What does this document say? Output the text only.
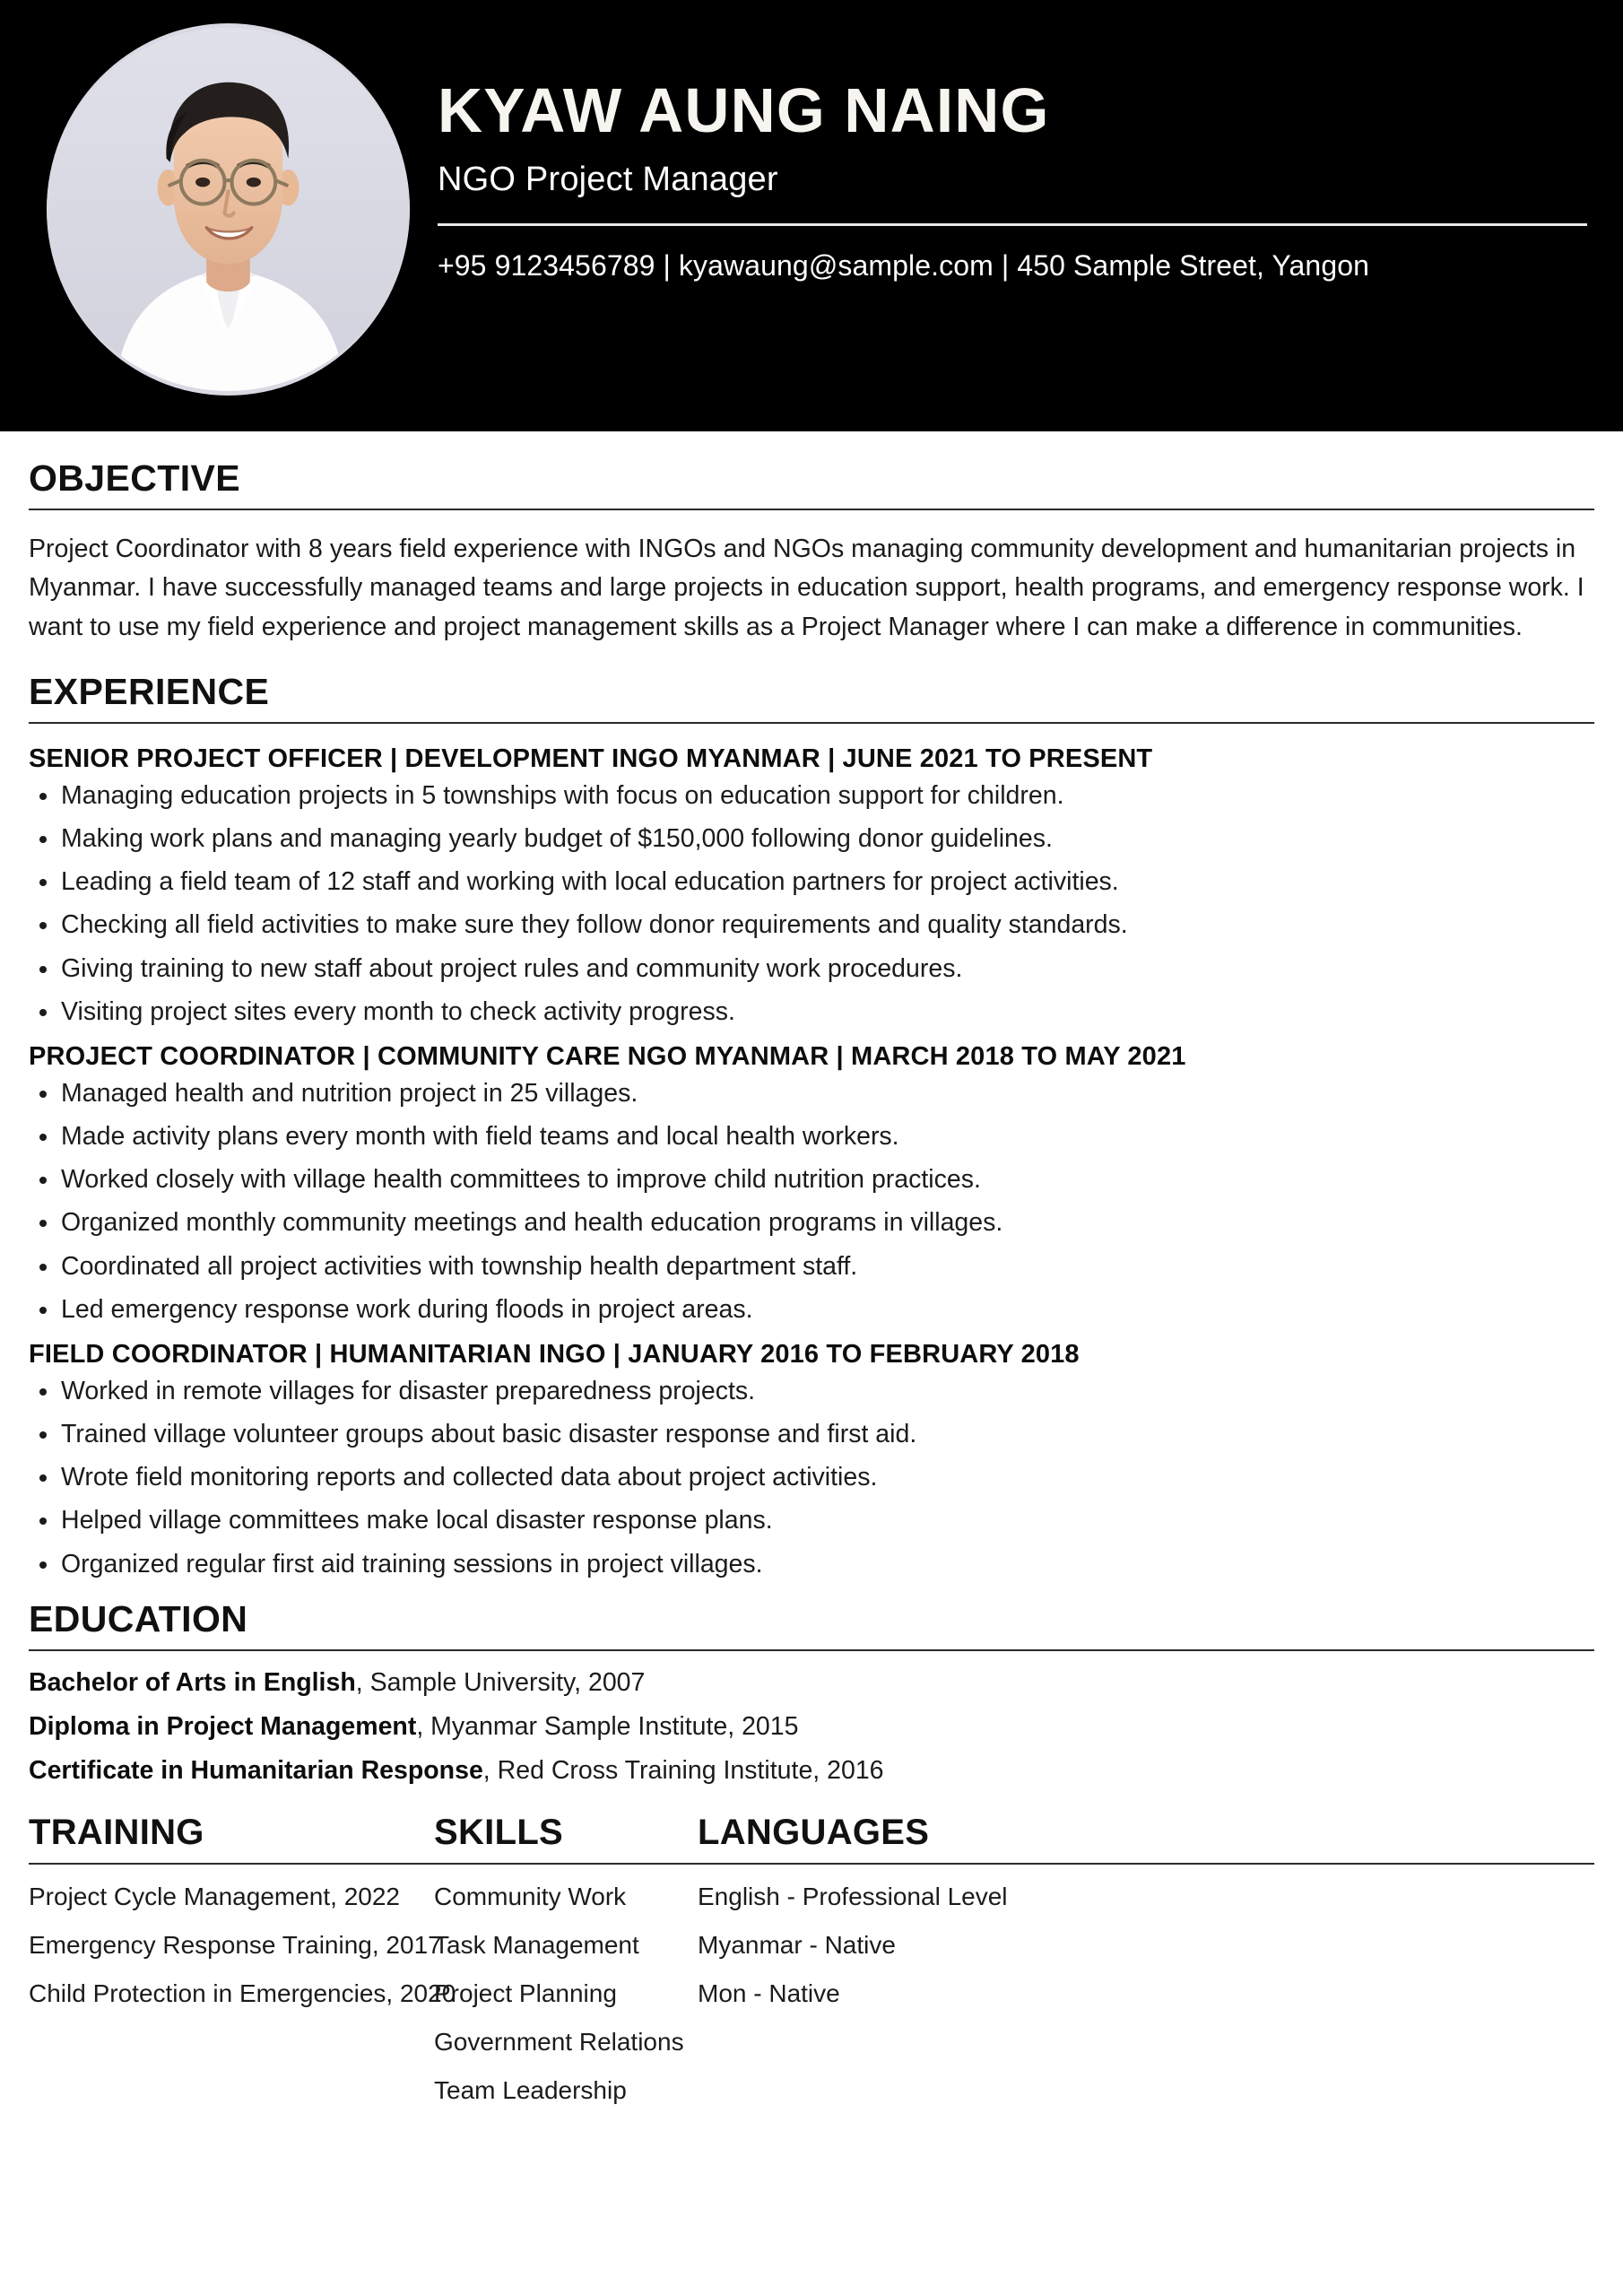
KYAW AUNG NAING
NGO Project Manager
+95 9123456789 | kyawaung@sample.com | 450 Sample Street, Yangon
OBJECTIVE

Project Coordinator with 8 years field experience with INGOs and NGOs managing community development and humanitarian projects in Myanmar. I have successfully managed teams and large projects in education support, health programs, and emergency response work. I want to use my field experience and project management skills as a Project Manager where I can make a difference in communities.

EXPERIENCE
SENIOR PROJECT OFFICER | DEVELOPMENT INGO MYANMAR | JUNE 2021 TO PRESENT
Managing education projects in 5 townships with focus on education support for children.
Making work plans and managing yearly budget of $150,000 following donor guidelines.
Leading a field team of 12 staff and working with local education partners for project activities.
Checking all field activities to make sure they follow donor requirements and quality standards.
Giving training to new staff about project rules and community work procedures.
Visiting project sites every month to check activity progress.
PROJECT COORDINATOR | COMMUNITY CARE NGO MYANMAR | MARCH 2018 TO MAY 2021
Managed health and nutrition project in 25 villages.
Made activity plans every month with field teams and local health workers.
Worked closely with village health committees to improve child nutrition practices.
Organized monthly community meetings and health education programs in villages.
Coordinated all project activities with township health department staff.
Led emergency response work during floods in project areas.
FIELD COORDINATOR | HUMANITARIAN INGO | JANUARY 2016 TO FEBRUARY 2018
Worked in remote villages for disaster preparedness projects.
Trained village volunteer groups about basic disaster response and first aid.
Wrote field monitoring reports and collected data about project activities.
Helped village committees make local disaster response plans.
Organized regular first aid training sessions in project villages.
EDUCATION
Bachelor of Arts in English, Sample University, 2007
Diploma in Project Management, Myanmar Sample Institute, 2015
Certificate in Humanitarian Response, Red Cross Training Institute, 2016
TRAINING	SKILLS	LANGUAGES
Project Cycle Management, 2022
Emergency Response Training, 2017
Child Protection in Emergencies, 2020
Community Work
Task Management
Project Planning
Government Relations
Team Leadership
English - Professional Level
Myanmar - Native
Mon - Native
